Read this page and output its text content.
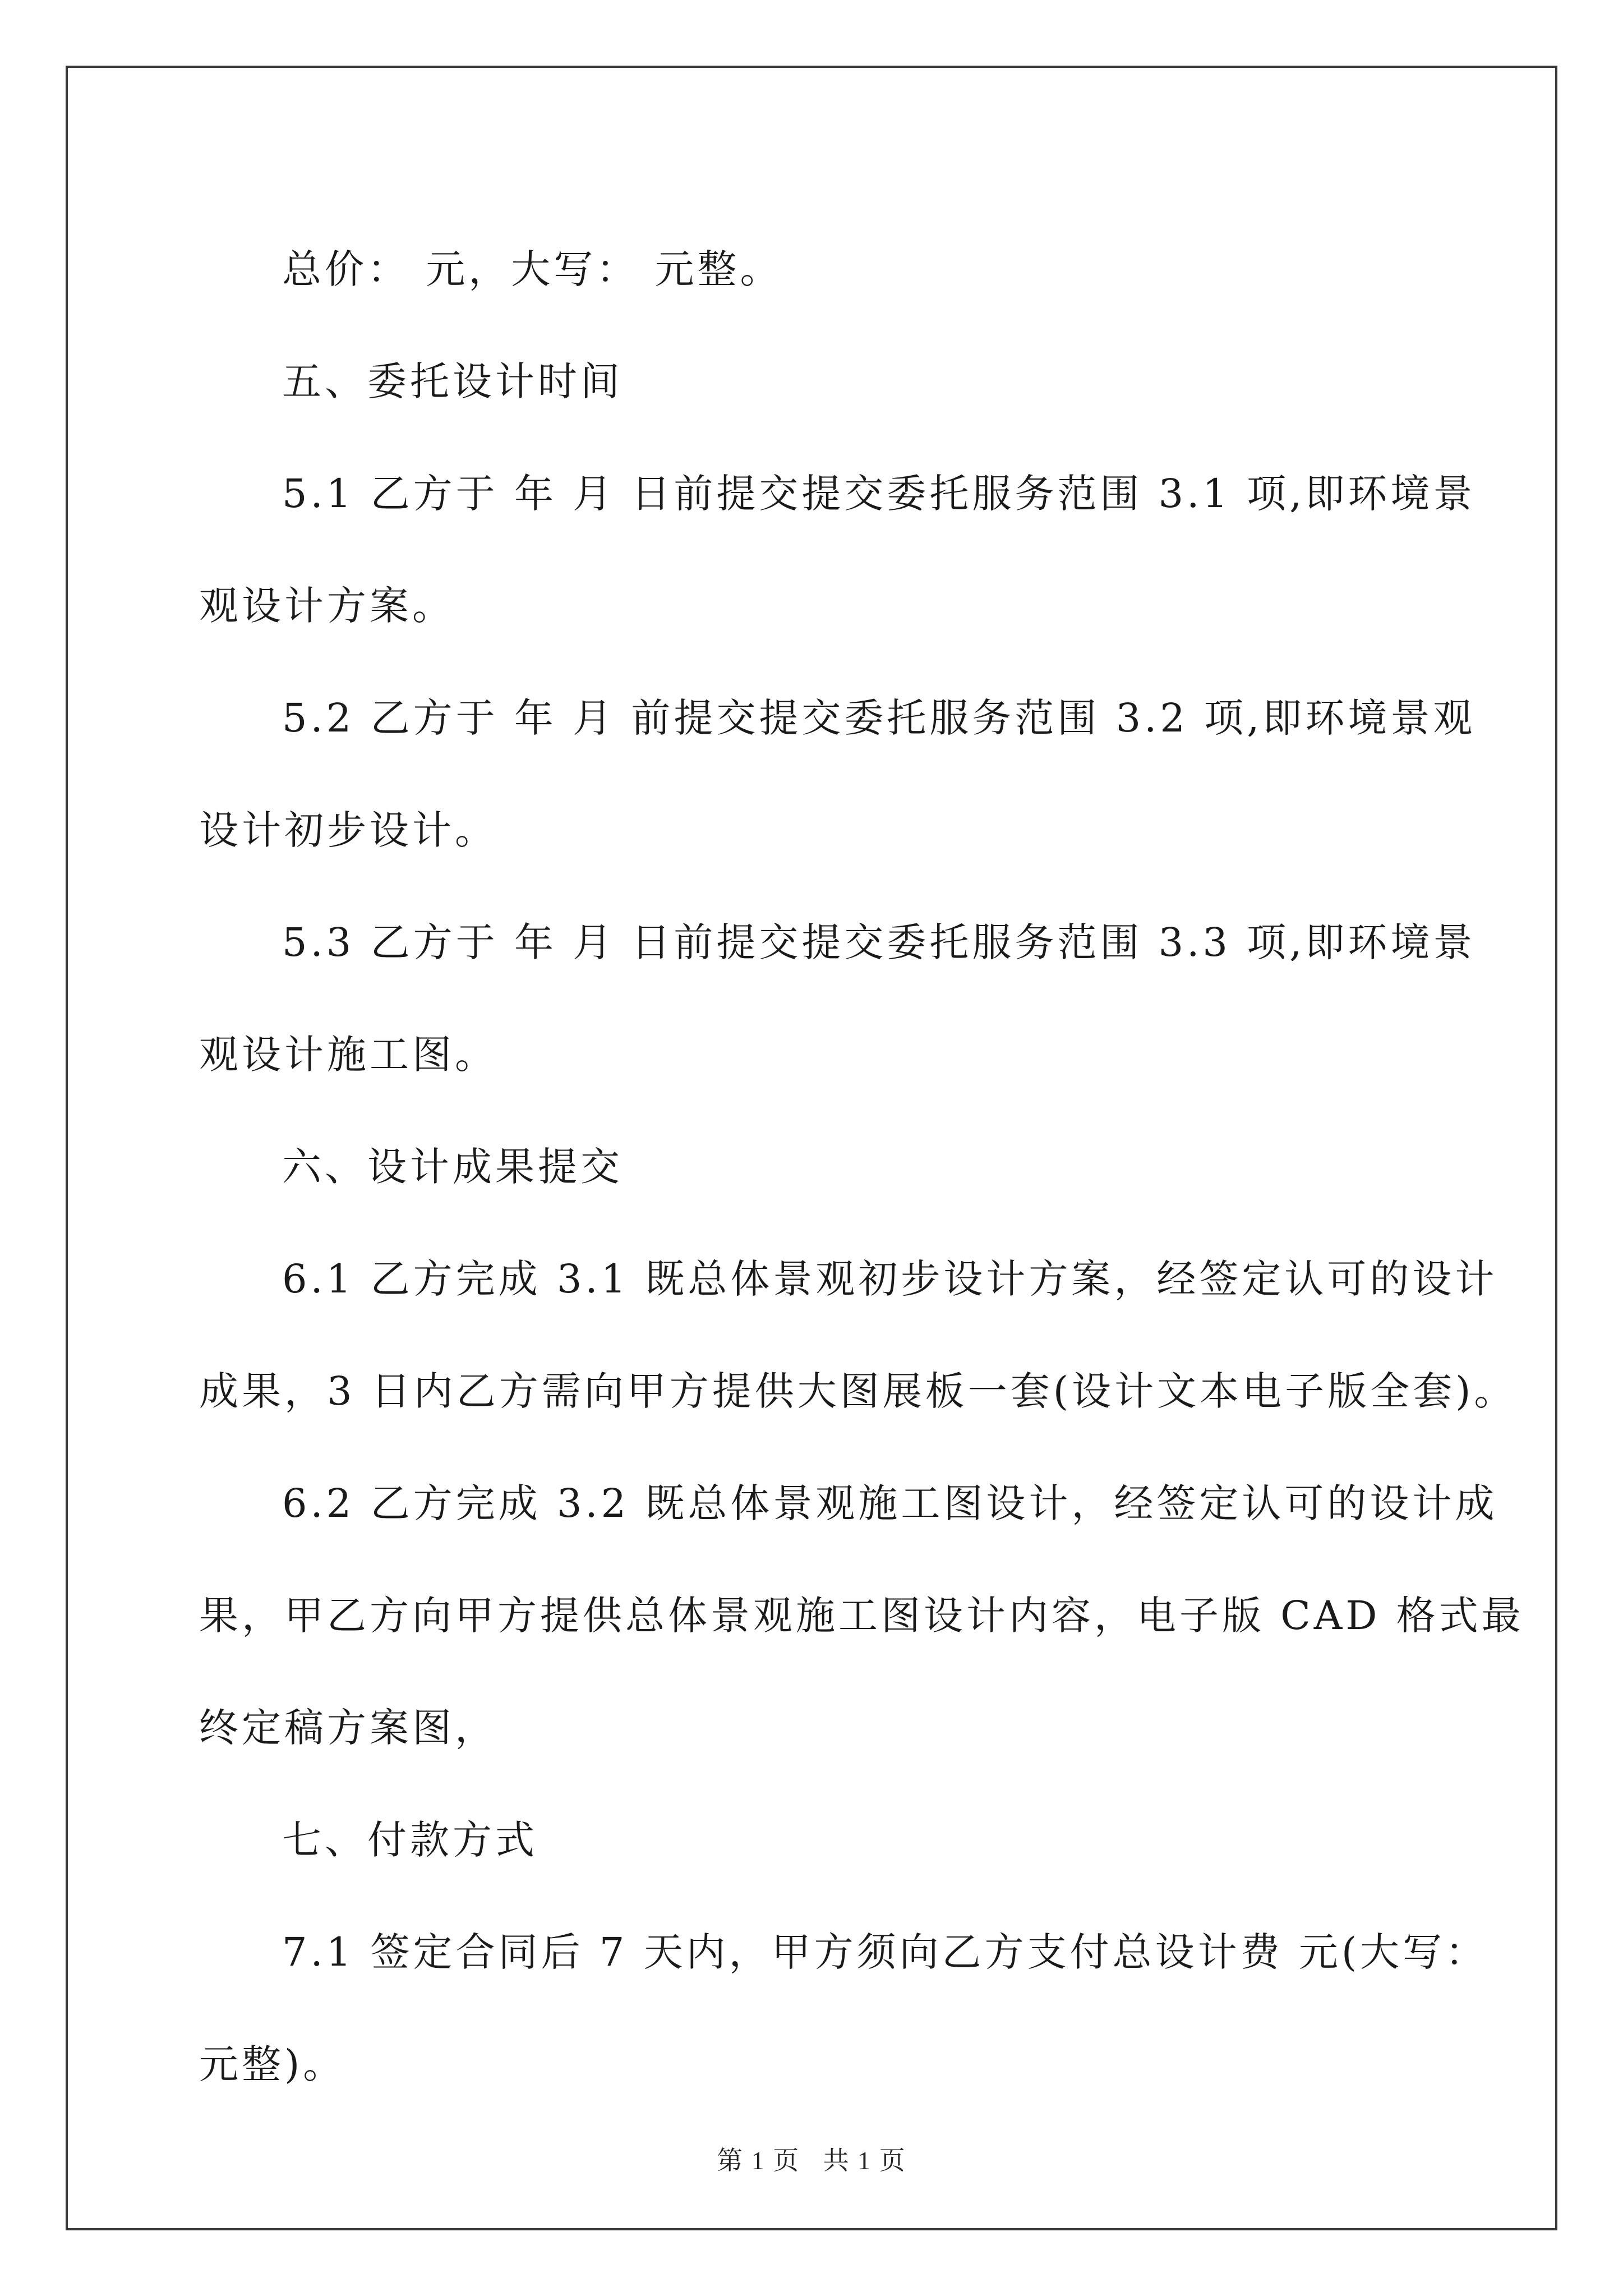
总价： 元，大写： 元整。

五、委托设计时间

5.1 乙方于 年 月 日前提交提交委托服务范围 3.1 项,即环境景

观设计方案。

5.2 乙方于 年 月 前提交提交委托服务范围 3.2 项,即环境景观

设计初步设计。

5.3 乙方于 年 月 日前提交提交委托服务范围 3.3 项,即环境景

观设计施工图。

六、设计成果提交

6.1 乙方完成 3.1 既总体景观初步设计方案，经签定认可的设计

成果，3 日内乙方需向甲方提供大图展板一套(设计文本电子版全套)。

6.2 乙方完成 3.2 既总体景观施工图设计，经签定认可的设计成

果，甲乙方向甲方提供总体景观施工图设计内容，电子版 CAD 格式最

终定稿方案图，

七、付款方式

7.1 签定合同后 7 天内，甲方须向乙方支付总设计费 元(大写：

元整)。

第 1 页 共 1 页
